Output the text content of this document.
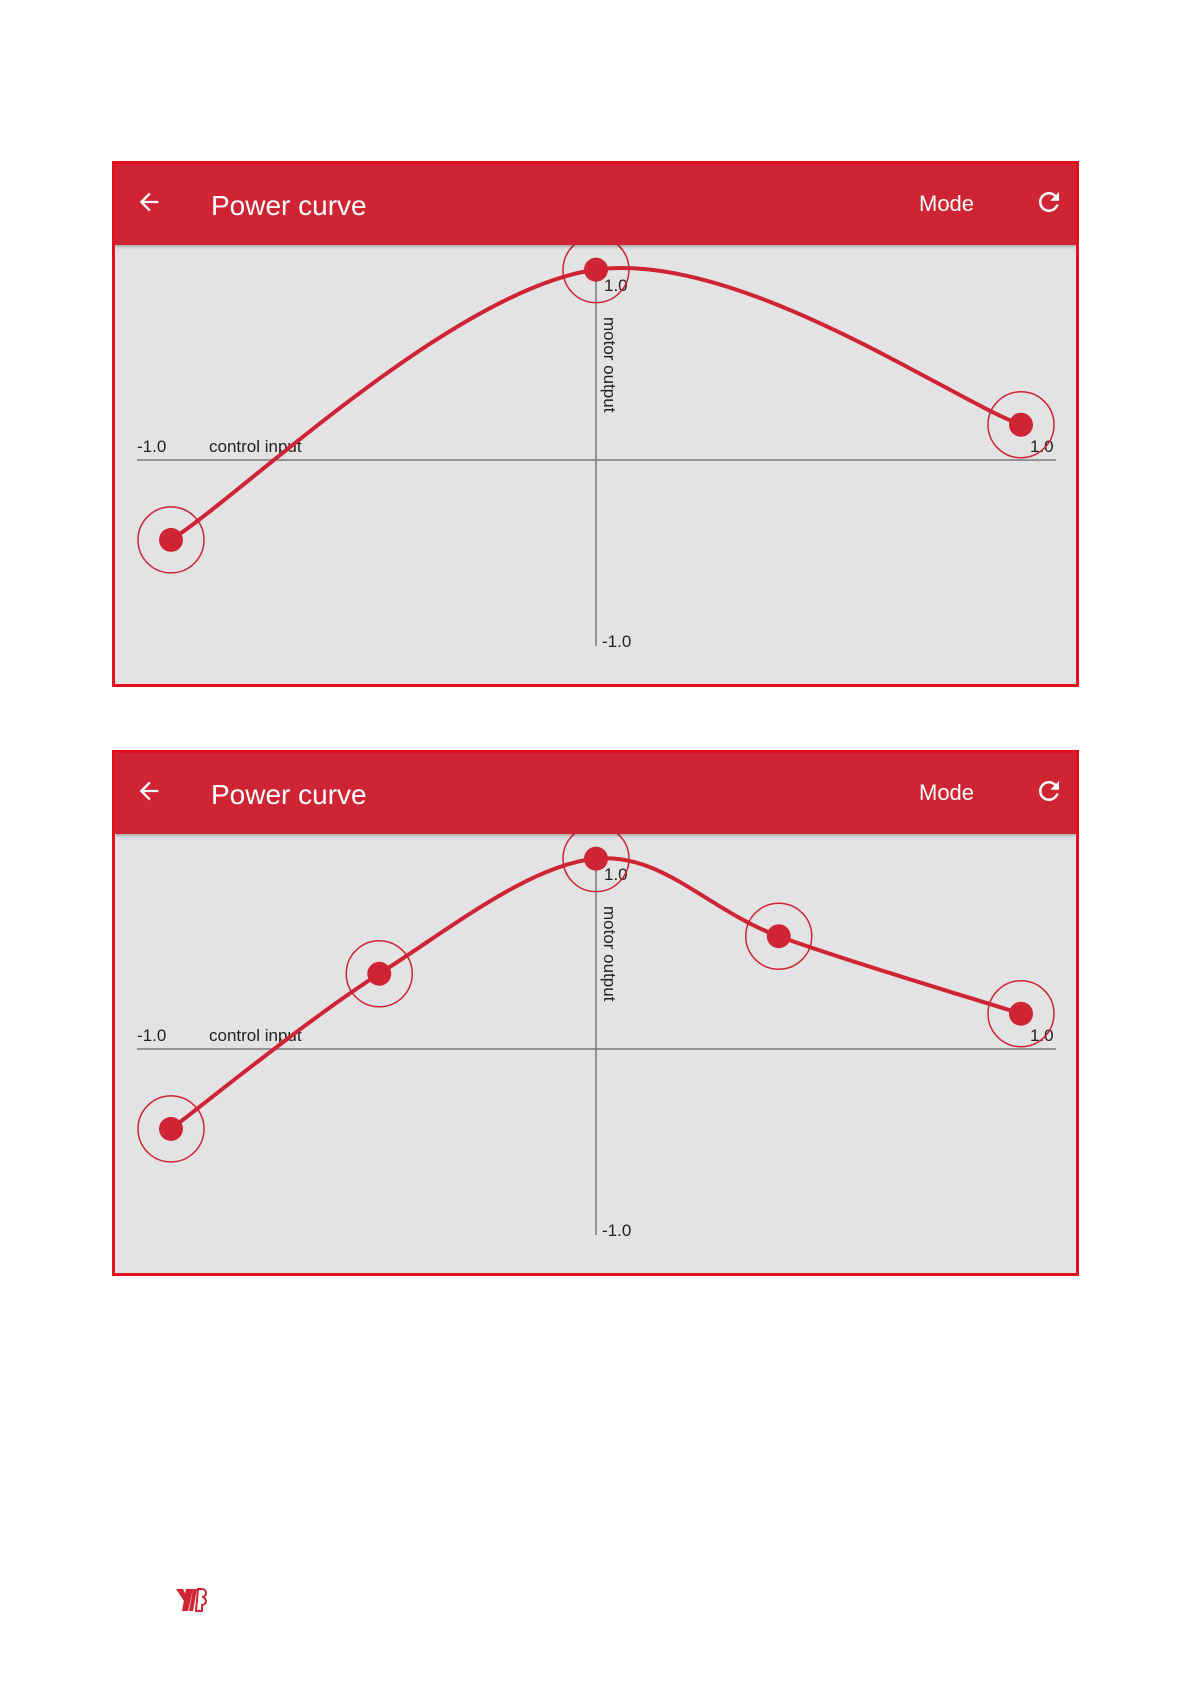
Power curve	Mode
-1.0	control input	1.0
1.0
-1.0
motor output
Power curve	Mode
-1.0	control input	1.0
1.0
-1.0
motor output
